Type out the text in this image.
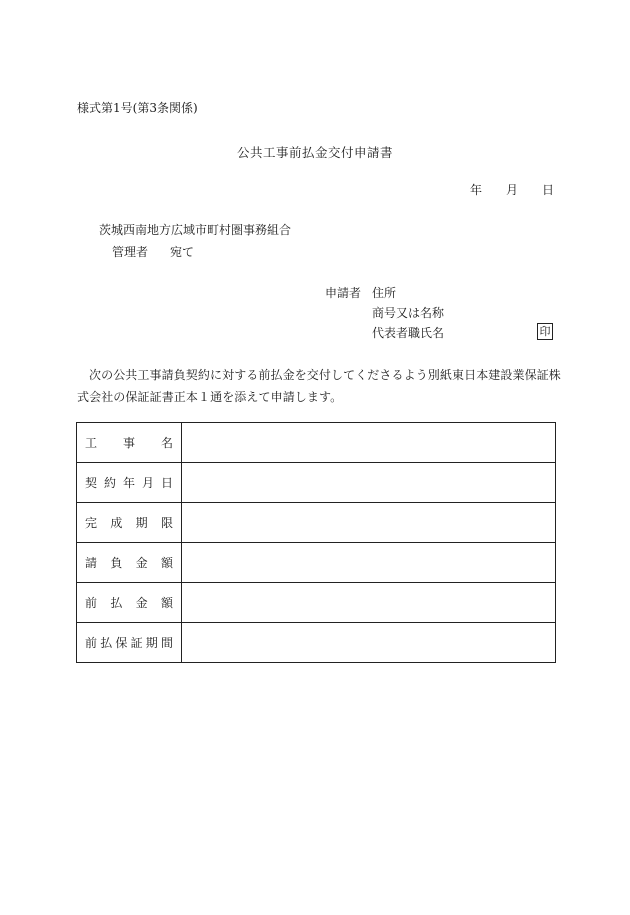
様式第1号(第3条関係)
公共工事前払金交付申請書
年 月 日
茨城西南地方広域市町村圏事務組合
管理者 宛て
申請者 住所
商号又は名称
代表者職氏名	印
次の公共工事請負契約に対する前払金を交付してくださるよう別紙東日本建設業保証株
式会社の保証証書正本１通を添えて申請します。
工事名	
契約年月日	
完成期限	
請負金額	
前払金額	
前払保証期間	
